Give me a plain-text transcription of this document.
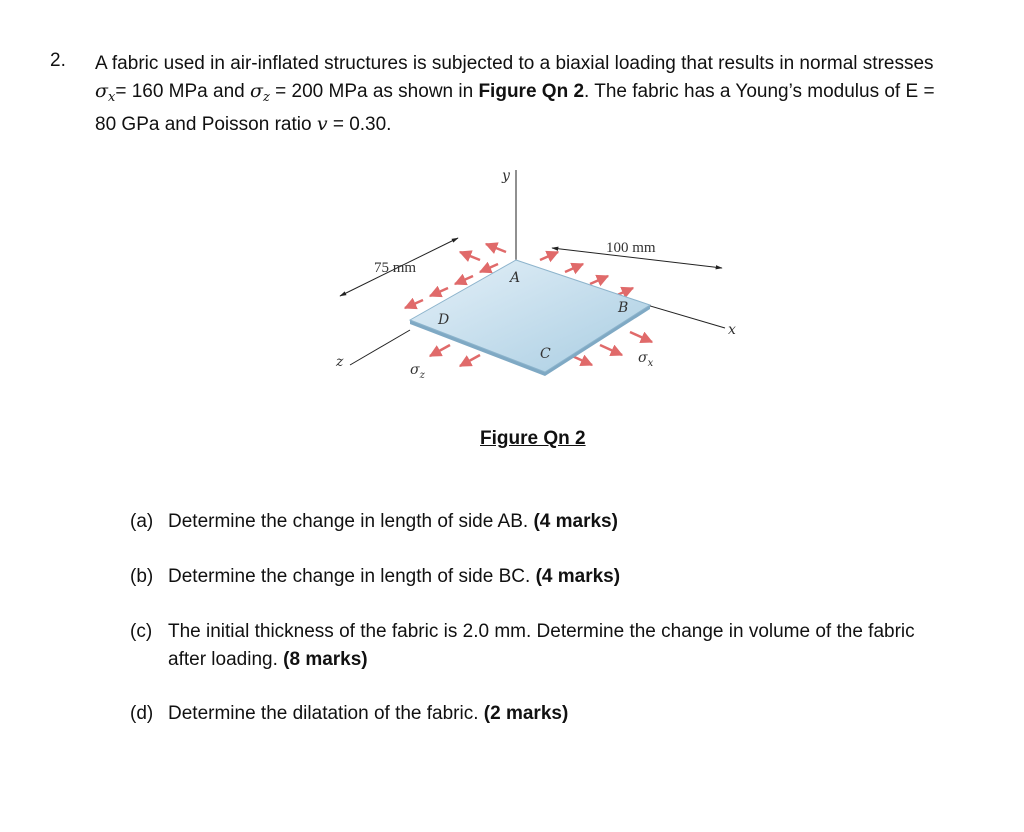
2. A fabric used in air-inflated structures is subjected to a biaxial loading that results in normal stresses $\sigma_x= 160$ MPa and $\sigma_z = 200$ MPa as shown in Figure Qn 2. The fabric has a Young’s modulus of E = 80 GPa and Poisson ratio v = 0.30.
A
B
C
D
100 mm
75 mm
y
x
z	$\sigma_x$
$\sigma_z$
Figure Qn 2
(a) Determine the change in length of side AB. (4 marks)
(b) Determine the change in length of side BC. (4 marks)
(c) The initial thickness of the fabric is 2.0 mm. Determine the change in volume of the fabric after loading. (8 marks)
(d) Determine the dilatation of the fabric. (2 marks)
